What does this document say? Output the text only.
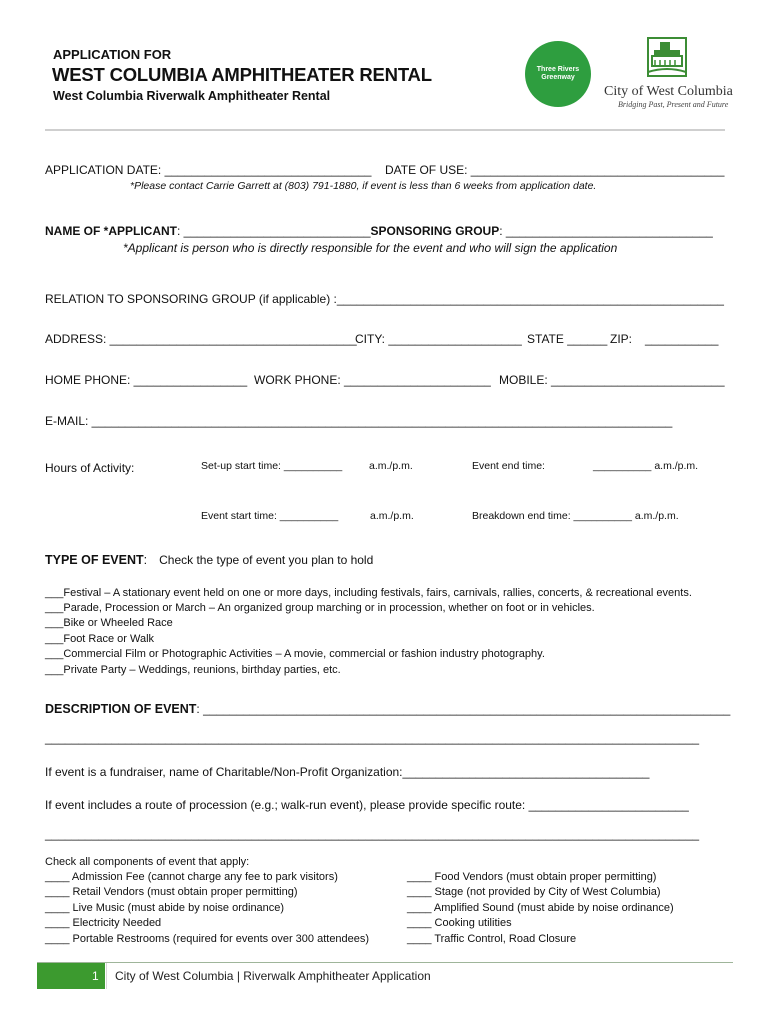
APPLICATION FOR
WEST COLUMBIA AMPHITHEATER RENTAL
West Columbia Riverwalk Amphitheater Rental
Three Rivers
Greenway
City of West Columbia
Bridging Past, Present and Future
APPLICATION DATE: _______________________________ DATE OF USE: ______________________________________
*Please contact Carrie Garrett at (803) 791-1880, if event is less than 6 weeks from application date.
NAME OF *APPLICANT: ____________________________SPONSORING GROUP: _______________________________
*Applicant is person who is directly responsible for the event and who will sign the application
RELATION TO SPONSORING GROUP (if applicable) :__________________________________________________________
ADDRESS: _____________________________________
CITY: ____________________ STATE ______ ZIP: ___________
HOME PHONE: _________________ WORK PHONE: ______________________ MOBILE: __________________________
E-MAIL: _______________________________________________________________________________________
Hours of Activity:	Set-up start time: __________	a.m./p.m.	Event end time:	__________ a.m./p.m.
Event start time: __________	a.m./p.m.	Breakdown end time: __________ a.m./p.m.
TYPE OF EVENT: Check the type of event you plan to hold
___Festival – A stationary event held on one or more days, including festivals, fairs, carnivals, rallies, concerts, & recreational events.
___Parade, Procession or March – An organized group marching or in procession, whether on foot or in vehicles.
___Bike or Wheeled Race
___Foot Race or Walk
___Commercial Film or Photographic Activities – A movie, commercial or fashion industry photography.
___Private Party – Weddings, reunions, birthday parties, etc.
DESCRIPTION OF EVENT: _______________________________________________________________________________
__________________________________________________________________________________________________
If event is a fundraiser, name of Charitable/Non-Profit Organization:_____________________________________
If event includes a route of procession (e.g.; walk-run event), please provide specific route: ________________________
__________________________________________________________________________________________________
Check all components of event that apply:
____ Admission Fee (cannot charge any fee to park visitors)
____ Retail Vendors (must obtain proper permitting)
____ Live Music (must abide by noise ordinance)
____ Electricity Needed
____ Portable Restrooms (required for events over 300 attendees)
____ Food Vendors (must obtain proper permitting)
____ Stage (not provided by City of West Columbia)
____ Amplified Sound (must abide by noise ordinance)
____ Cooking utilities
____ Traffic Control, Road Closure
1 City of West Columbia | Riverwalk Amphitheater Application
